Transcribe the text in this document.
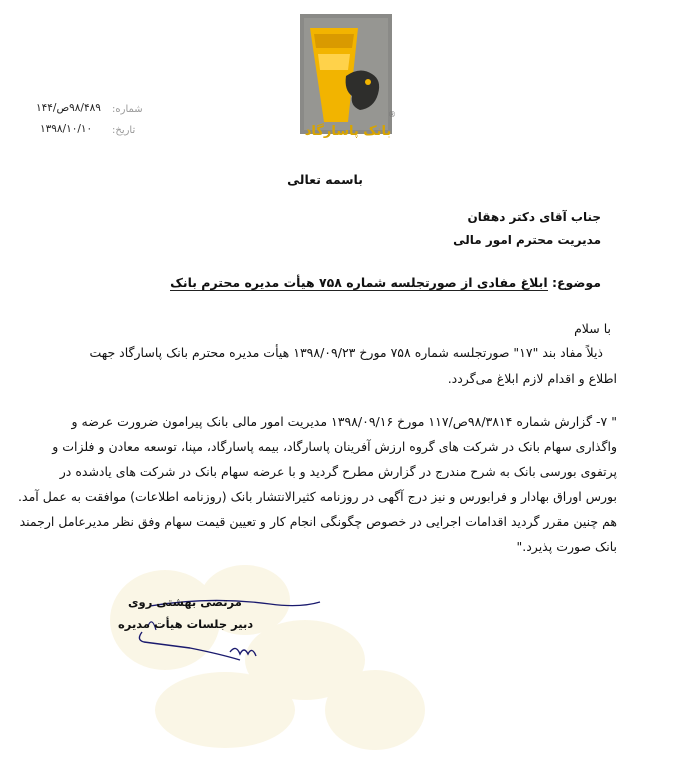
®
بانک پاسارگاد
شماره:
۹۸/۴۸۹ص/۱۴۴
تاریخ:
۱۳۹۸/۱۰/۱۰
باسمه تعالی
جناب آقای دکتر دهقان
مدیریت محترم امور مالی
موضوع: ابلاغ مفادی از صورتجلسه شماره ۷۵۸ هیأت مدیره محترم بانک
با سلام
ذیلاً مفاد بند "۱۷" صورتجلسه شماره ۷۵۸ مورخ ۱۳۹۸/۰۹/۲۳ هیأت مدیره محترم بانک پاسارگاد جهت
اطلاع و اقدام لازم ابلاغ می‌گردد.
" ۷- گزارش شماره ۹۸/۳۸۱۴ص/۱۱۷ مورخ ۱۳۹۸/۰۹/۱۶ مدیریت امور مالی بانک پیرامون ضرورت عرضه و
واگذاری سهام بانک در شرکت های گروه ارزش آفرینان پاسارگاد، بیمه پاسارگاد، مپنا، توسعه معادن و فلزات و
پرتفوی بورسی بانک به شرح مندرج در گزارش مطرح گردید و با عرضه سهام بانک در شرکت های یادشده در
بورس اوراق بهادار و فرابورس و نیز درج آگهی در روزنامه کثیرالانتشار بانک (روزنامه اطلاعات) موافقت به عمل آمد.
هم چنین مقرر گردید اقدامات اجرایی در خصوص چگونگی انجام کار و تعیین قیمت سهام وفق نظر مدیرعامل ارجمند
بانک صورت پذیرد."
مرتضی بهشتی روی
دبیر جلسات هیأت مدیره
